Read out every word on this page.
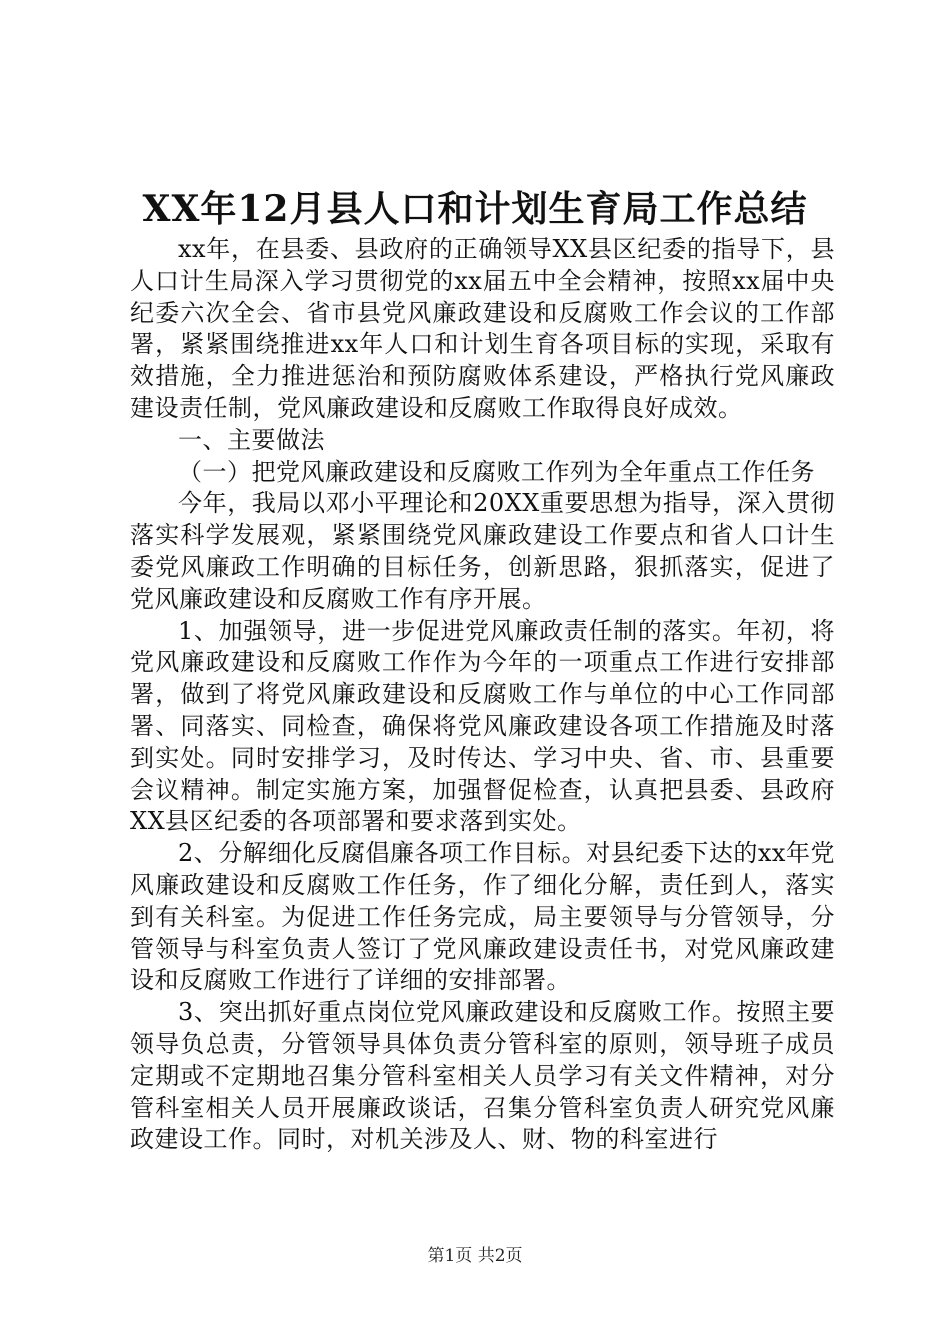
XX年12月县人口和计划生育局工作总结

xx年，在县委、县政府的正确领导XX县区纪委的指导下，县人口计生局深入学习贯彻党的xx届五中全会精神，按照xx届中央纪委六次全会、省市县党风廉政建设和反腐败工作会议的工作部署，紧紧围绕推进xx年人口和计划生育各项目标的实现，采取有效措施，全力推进惩治和预防腐败体系建设，严格执行党风廉政建设责任制，党风廉政建设和反腐败工作取得良好成效。

一、主要做法

（一）把党风廉政建设和反腐败工作列为全年重点工作任务

今年，我局以邓小平理论和20XX重要思想为指导，深入贯彻落实科学发展观，紧紧围绕党风廉政建设工作要点和省人口计生委党风廉政工作明确的目标任务，创新思路，狠抓落实，促进了党风廉政建设和反腐败工作有序开展。

1、加强领导，进一步促进党风廉政责任制的落实。年初，将党风廉政建设和反腐败工作作为今年的一项重点工作进行安排部署，做到了将党风廉政建设和反腐败工作与单位的中心工作同部署、同落实、同检查，确保将党风廉政建设各项工作措施及时落到实处。同时安排学习，及时传达、学习中央、省、市、县重要会议精神。制定实施方案，加强督促检查，认真把县委、县政府XX县区纪委的各项部署和要求落到实处。

2、分解细化反腐倡廉各项工作目标。对县纪委下达的xx年党风廉政建设和反腐败工作任务，作了细化分解，责任到人，落实到有关科室。为促进工作任务完成，局主要领导与分管领导，分管领导与科室负责人签订了党风廉政建设责任书，对党风廉政建设和反腐败工作进行了详细的安排部署。

3、突出抓好重点岗位党风廉政建设和反腐败工作。按照主要领导负总责，分管领导具体负责分管科室的原则，领导班子成员定期或不定期地召集分管科室相关人员学习有关文件精神，对分管科室相关人员开展廉政谈话，召集分管科室负责人研究党风廉政建设工作。同时，对机关涉及人、财、物的科室进行

第1页 共2页
